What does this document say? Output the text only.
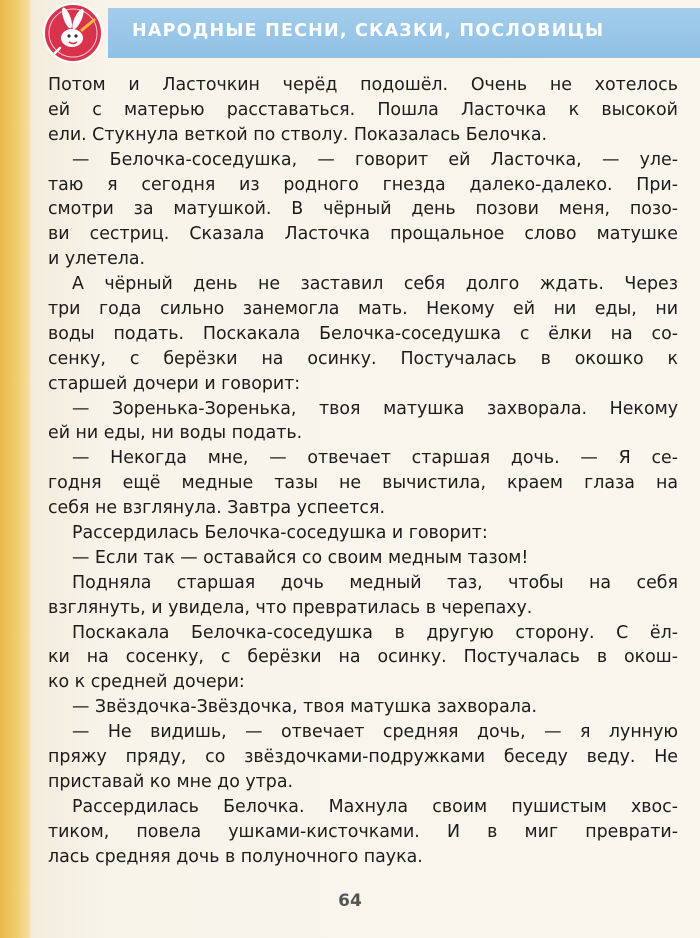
НАРОДНЫЕ ПЕСНИ, СКАЗКИ, ПОСЛОВИЦЫ
Потом и Ласточкин черёд подошёл. Очень не хотелось
ей с матерью расставаться. Пошла Ласточка к высокой
ели. Стукнула веткой по стволу. Показалась Белочка.
— Белочка-соседушка, — говорит ей Ласточка, — уле-
таю я сегодня из родного гнезда далеко-далеко. При-
смотри за матушкой. В чёрный день позови меня, позо-
ви сестриц. Сказала Ласточка прощальное слово матушке
и улетела.
А чёрный день не заставил себя долго ждать. Через
три года сильно занемогла мать. Некому ей ни еды, ни
воды подать. Поскакала Белочка-соседушка с ёлки на со-
сенку, с берёзки на осинку. Постучалась в окошко к
старшей дочери и говорит:
— Зоренька-Зоренька, твоя матушка захворала. Некому
ей ни еды, ни воды подать.
— Некогда мне, — отвечает старшая дочь. — Я се-
годня ещё медные тазы не вычистила, краем глаза на
себя не взглянула. Завтра успеется.
Рассердилась Белочка-соседушка и говорит:
— Если так — оставайся со своим медным тазом!
Подняла старшая дочь медный таз, чтобы на себя
взглянуть, и увидела, что превратилась в черепаху.
Поскакала Белочка-соседушка в другую сторону. С ёл-
ки на сосенку, с берёзки на осинку. Постучалась в окош-
ко к средней дочери:
— Звёздочка-Звёздочка, твоя матушка захворала.
— Не видишь, — отвечает средняя дочь, — я лунную
пряжу пряду, со звёздочками-подружками беседу веду. Не
приставай ко мне до утра.
Рассердилась Белочка. Махнула своим пушистым хвос-
тиком, повела ушками-кисточками. И в миг преврати-
лась средняя дочь в полуночного паука.
64
